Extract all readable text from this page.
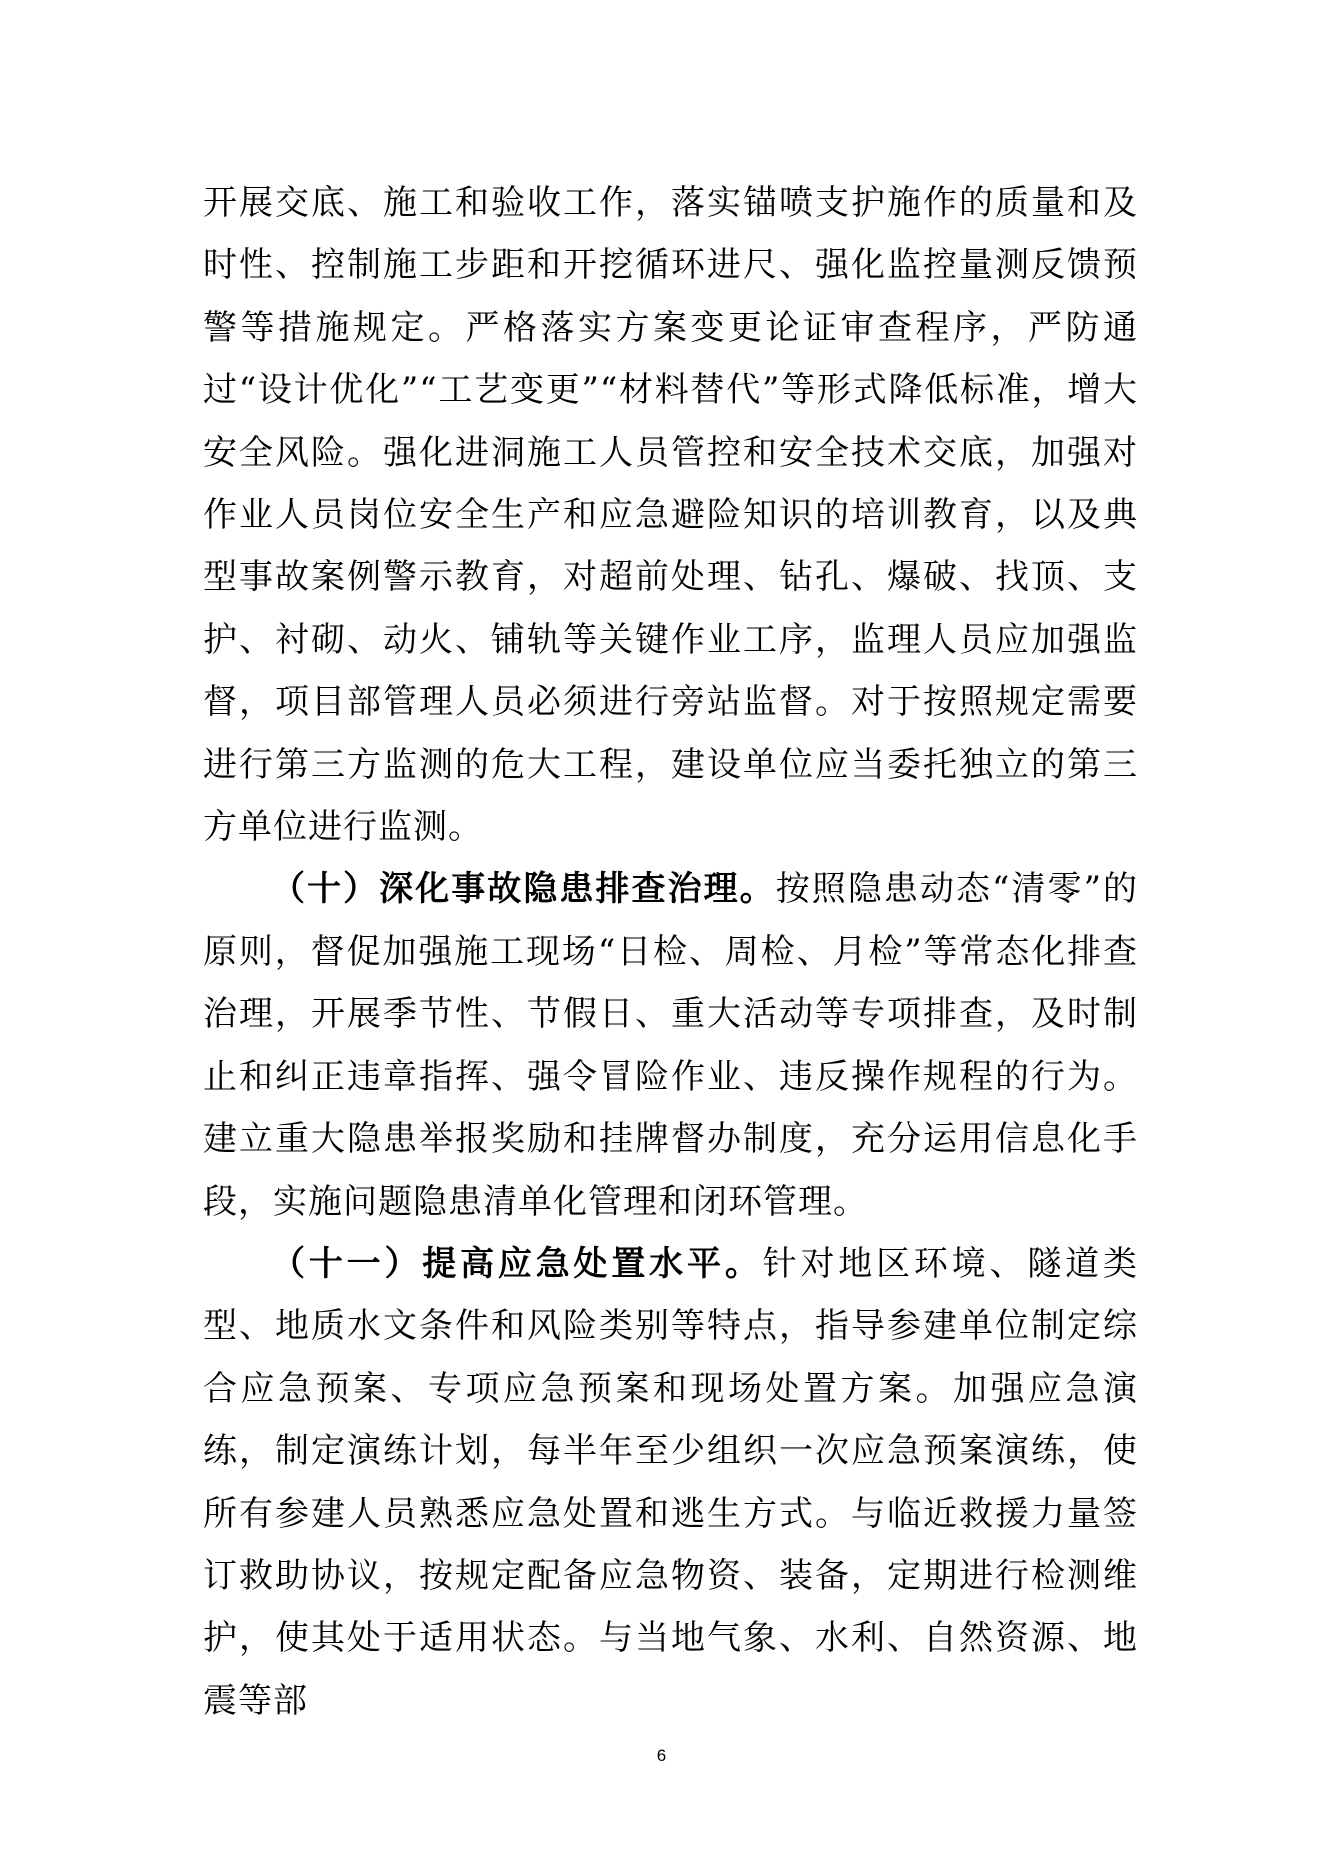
开展交底、施工和验收工作，落实锚喷支护施作的质量和及时性、控制施工步距和开挖循环进尺、强化监控量测反馈预警等措施规定。严格落实方案变更论证审查程序，严防通过“设计优化”“工艺变更”“材料替代”等形式降低标准，增大安全风险。强化进洞施工人员管控和安全技术交底，加强对作业人员岗位安全生产和应急避险知识的培训教育，以及典型事故案例警示教育，对超前处理、钻孔、爆破、找顶、支护、衬砌、动火、铺轨等关键作业工序，监理人员应加强监督，项目部管理人员必须进行旁站监督。对于按照规定需要进行第三方监测的危大工程，建设单位应当委托独立的第三方单位进行监测。

（十）深化事故隐患排查治理。按照隐患动态“清零”的原则，督促加强施工现场“日检、周检、月检”等常态化排查治理，开展季节性、节假日、重大活动等专项排查，及时制止和纠正违章指挥、强令冒险作业、违反操作规程的行为。建立重大隐患举报奖励和挂牌督办制度，充分运用信息化手段，实施问题隐患清单化管理和闭环管理。

（十一）提高应急处置水平。针对地区环境、隧道类型、地质水文条件和风险类别等特点，指导参建单位制定综合应急预案、专项应急预案和现场处置方案。加强应急演练，制定演练计划，每半年至少组织一次应急预案演练，使所有参建人员熟悉应急处置和逃生方式。与临近救援力量签订救助协议，按规定配备应急物资、装备，定期进行检测维护，使其处于适用状态。与当地气象、水利、自然资源、地震等部

6
